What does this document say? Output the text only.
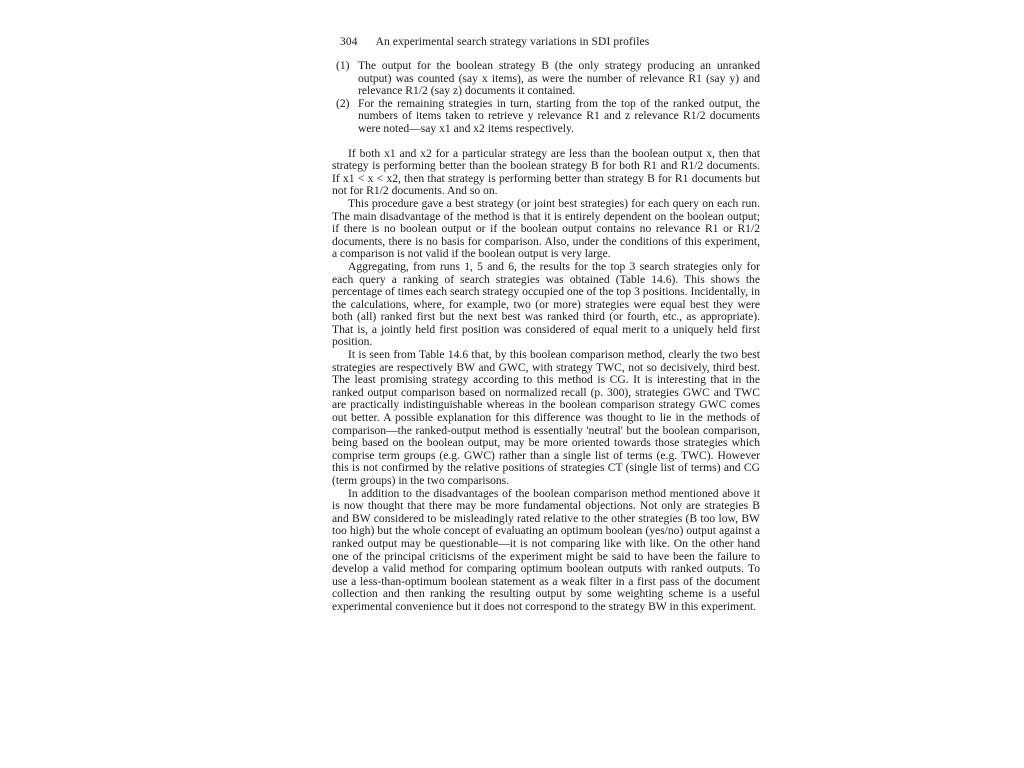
304 An experimental search strategy variations in SDI profiles
(1) The output for the boolean strategy B (the only strategy producing an unranked output) was counted (say x items), as were the number of relevance R1 (say y) and relevance R1/2 (say z) documents it contained.
(2) For the remaining strategies in turn, starting from the top of the ranked output, the numbers of items taken to retrieve y relevance R1 and z relevance R1/2 documents were noted—say x1 and x2 items respectively.

If both x1 and x2 for a particular strategy are less than the boolean output x, then that strategy is performing better than the boolean strategy B for both R1 and R1/2 documents. If x1 < x < x2, then that strategy is performing better than strategy B for R1 documents but not for R1/2 documents. And so on.

This procedure gave a best strategy (or joint best strategies) for each query on each run. The main disadvantage of the method is that it is entirely dependent on the boolean output; if there is no boolean output or if the boolean output contains no relevance R1 or R1/2 documents, there is no basis for comparison. Also, under the conditions of this experiment, a comparison is not valid if the boolean output is very large.

Aggregating, from runs 1, 5 and 6, the results for the top 3 search strategies only for each query a ranking of search strategies was obtained (Table 14.6). This shows the percentage of times each search strategy occupied one of the top 3 positions. Incidentally, in the calculations, where, for example, two (or more) strategies were equal best they were both (all) ranked first but the next best was ranked third (or fourth, etc., as appropriate). That is, a jointly held first position was considered of equal merit to a uniquely held first position.

It is seen from Table 14.6 that, by this boolean comparison method, clearly the two best strategies are respectively BW and GWC, with strategy TWC, not so decisively, third best. The least promising strategy according to this method is CG. It is interesting that in the ranked output comparison based on normalized recall (p. 300), strategies GWC and TWC are practically indistinguishable whereas in the boolean comparison strategy GWC comes out better. A possible explanation for this difference was thought to lie in the methods of comparison—the ranked-output method is essentially 'neutral' but the boolean comparison, being based on the boolean output, may be more oriented towards those strategies which comprise term groups (e.g. GWC) rather than a single list of terms (e.g. TWC). However this is not confirmed by the relative positions of strategies CT (single list of terms) and CG (term groups) in the two comparisons.

In addition to the disadvantages of the boolean comparison method mentioned above it is now thought that there may be more fundamental objections. Not only are strategies B and BW considered to be misleadingly rated relative to the other strategies (B too low, BW too high) but the whole concept of evaluating an optimum boolean (yes/no) output against a ranked output may be questionable—it is not comparing like with like. On the other hand one of the principal criticisms of the experiment might be said to have been the failure to develop a valid method for comparing optimum boolean outputs with ranked outputs. To use a less-than-optimum boolean statement as a weak filter in a first pass of the document collection and then ranking the resulting output by some weighting scheme is a useful experimental convenience but it does not correspond to the strategy BW in this experiment.
